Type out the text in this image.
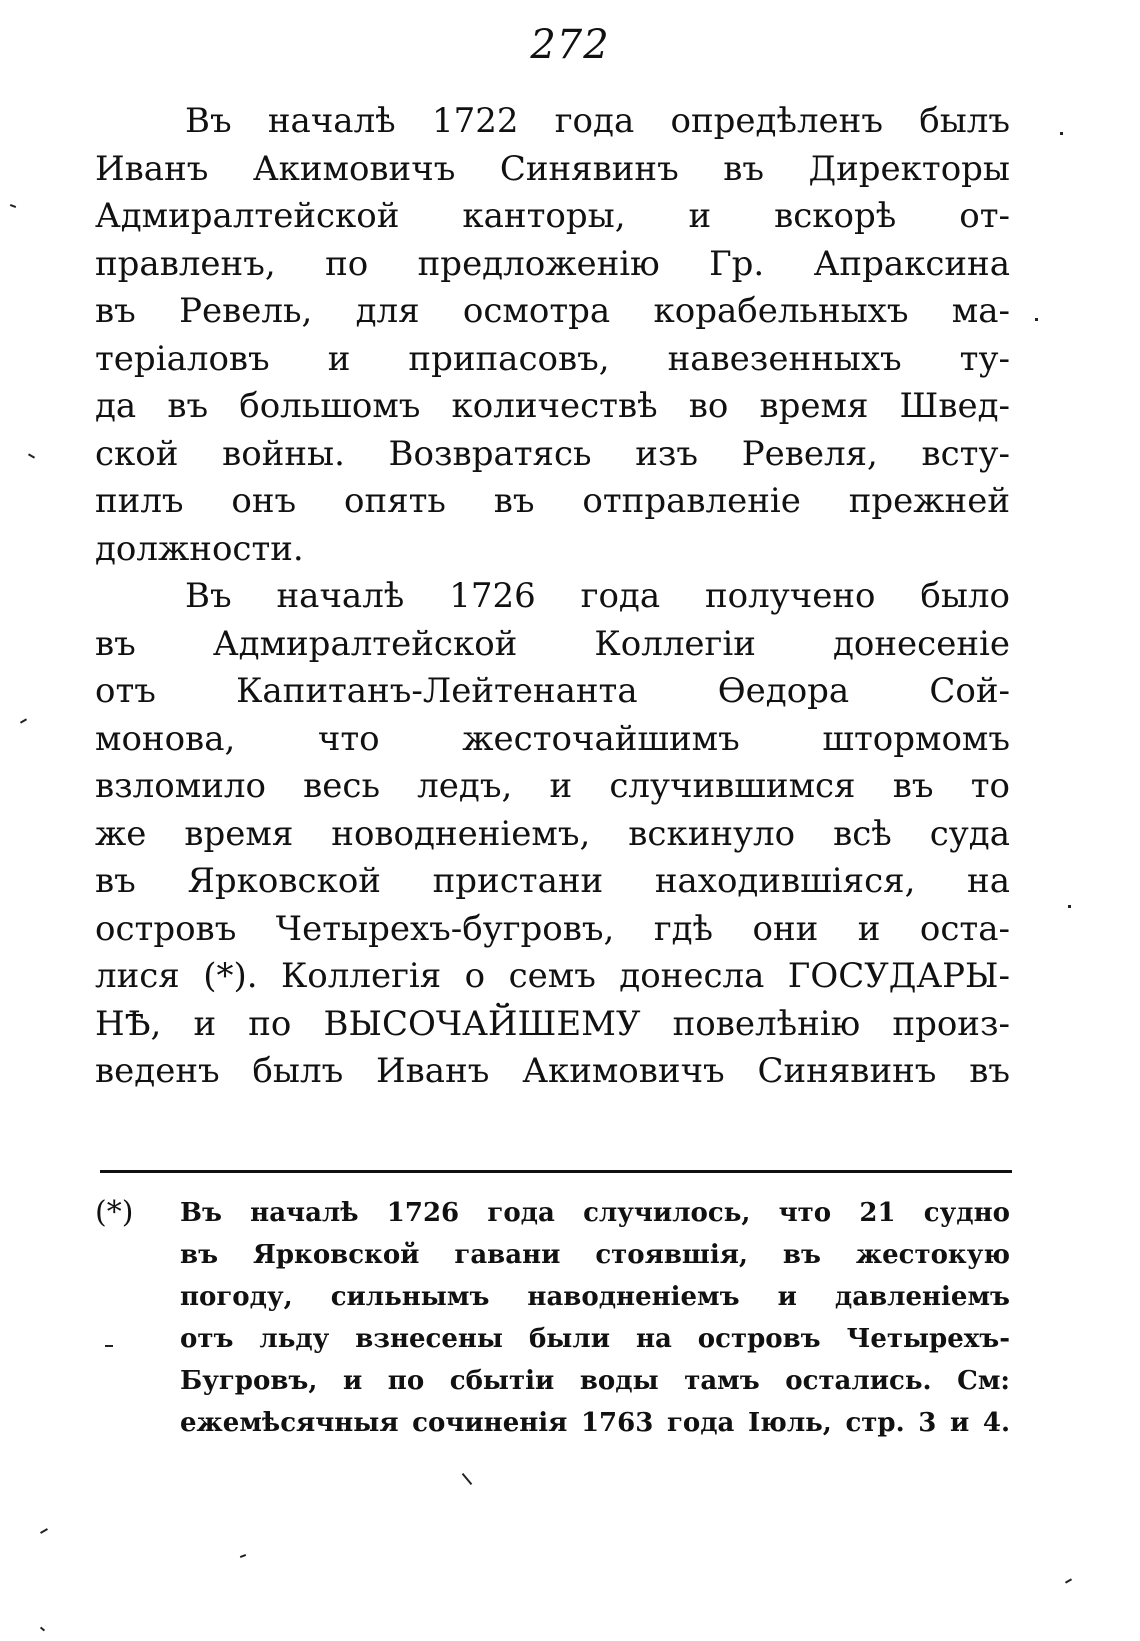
272
Въ началѣ 1722 года опредѣленъ былъ
Иванъ Акимовичъ Синявинъ въ Директоры
Адмиралтейской канторы, и вскорѣ от-
правленъ, по предложенію Гр. Апраксина
въ Ревель, для осмотра корабельныхъ ма-
теріаловъ и припасовъ, навезенныхъ ту-
да въ большомъ количествѣ во время Швед-
ской войны. Возвратясь изъ Ревеля, всту-
пилъ онъ опять въ отправленіе прежней
должности.
Въ началѣ 1726 года получено было
въ Адмиралтейской Коллегіи донесеніе
отъ Капитанъ-Лейтенанта Ѳедора Сой-
монова, что жесточайшимъ штормомъ
взломило весь ледъ, и случившимся въ то
же время новодненіемъ, вскинуло всѣ суда
въ Ярковской пристани находившіяся, на
островъ Четырехъ-бугровъ, гдѣ они и оста-
лися (*). Коллегія о семъ донесла ГОСУДАРЫ-
НѢ, и по ВЫСОЧАЙШЕМУ повелѣнію произ-
веденъ былъ Иванъ Акимовичъ Синявинъ въ
(*) Въ началѣ 1726 года случилось, что 21 судно
въ Ярковской гавани стоявшія, въ жестокую
погоду, сильнымъ наводненіемъ и давленіемъ
отъ льду взнесены были на островъ Четырехъ-
Бугровъ, и по сбытіи воды тамъ остались. См:
ежемѣсячныя сочиненія 1763 года Іюль, стр. 3 и 4.
